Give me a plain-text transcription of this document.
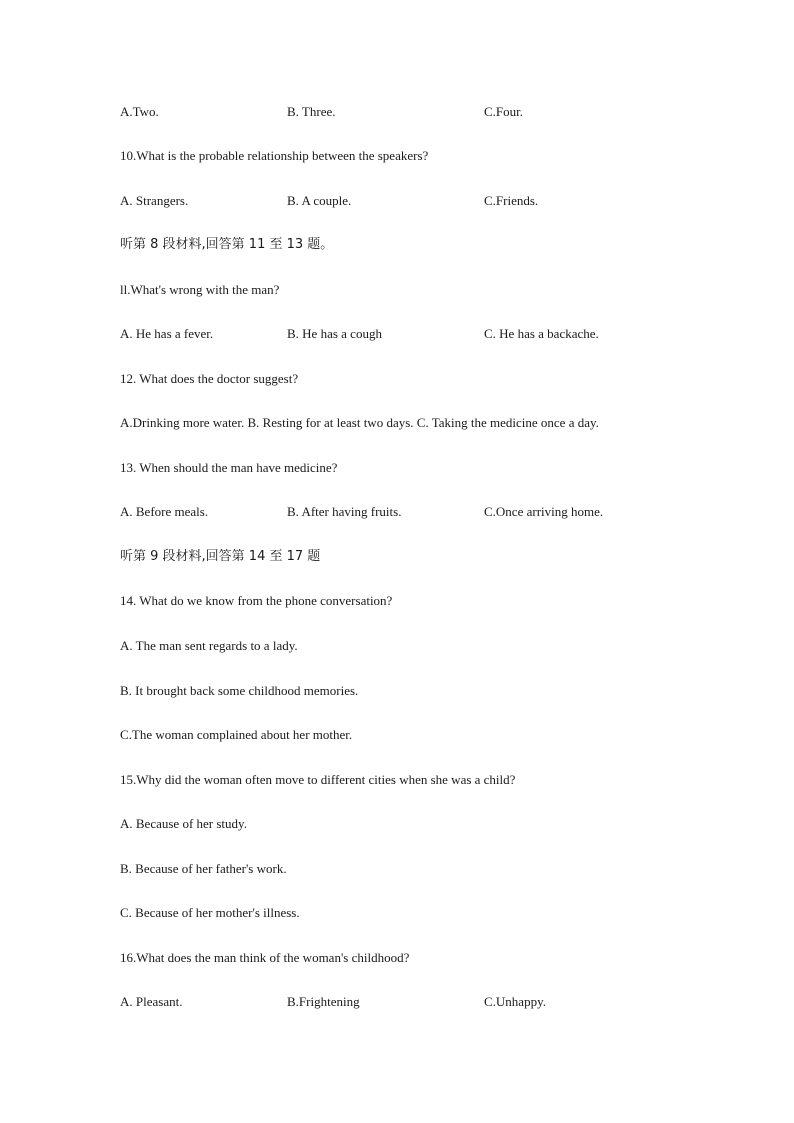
A.Two.	B. Three.	C.Four.
10.What is the probable relationship between the speakers?
A. Strangers.	B. A couple.	C.Friends.
听第 8 段材料,回答第 11 至 13 题。
ll.What's wrong with the man?
A. He has a fever.	B. He has a cough	C. He has a backache.
12. What does the doctor suggest?
A.Drinking more water. B. Resting for at least two days. C. Taking the medicine once a day.
13. When should the man have medicine?
A. Before meals.	B. After having fruits.	C.Once arriving home.
听第 9 段材料,回答第 14 至 17 题
14. What do we know from the phone conversation?
A. The man sent regards to a lady.
B. It brought back some childhood memories.
C.The woman complained about her mother.
15.Why did the woman often move to different cities when she was a child?
A. Because of her study.
B. Because of her father's work.
C. Because of her mother's illness.
16.What does the man think of the woman's childhood?
A. Pleasant.	B.Frightening	C.Unhappy.
